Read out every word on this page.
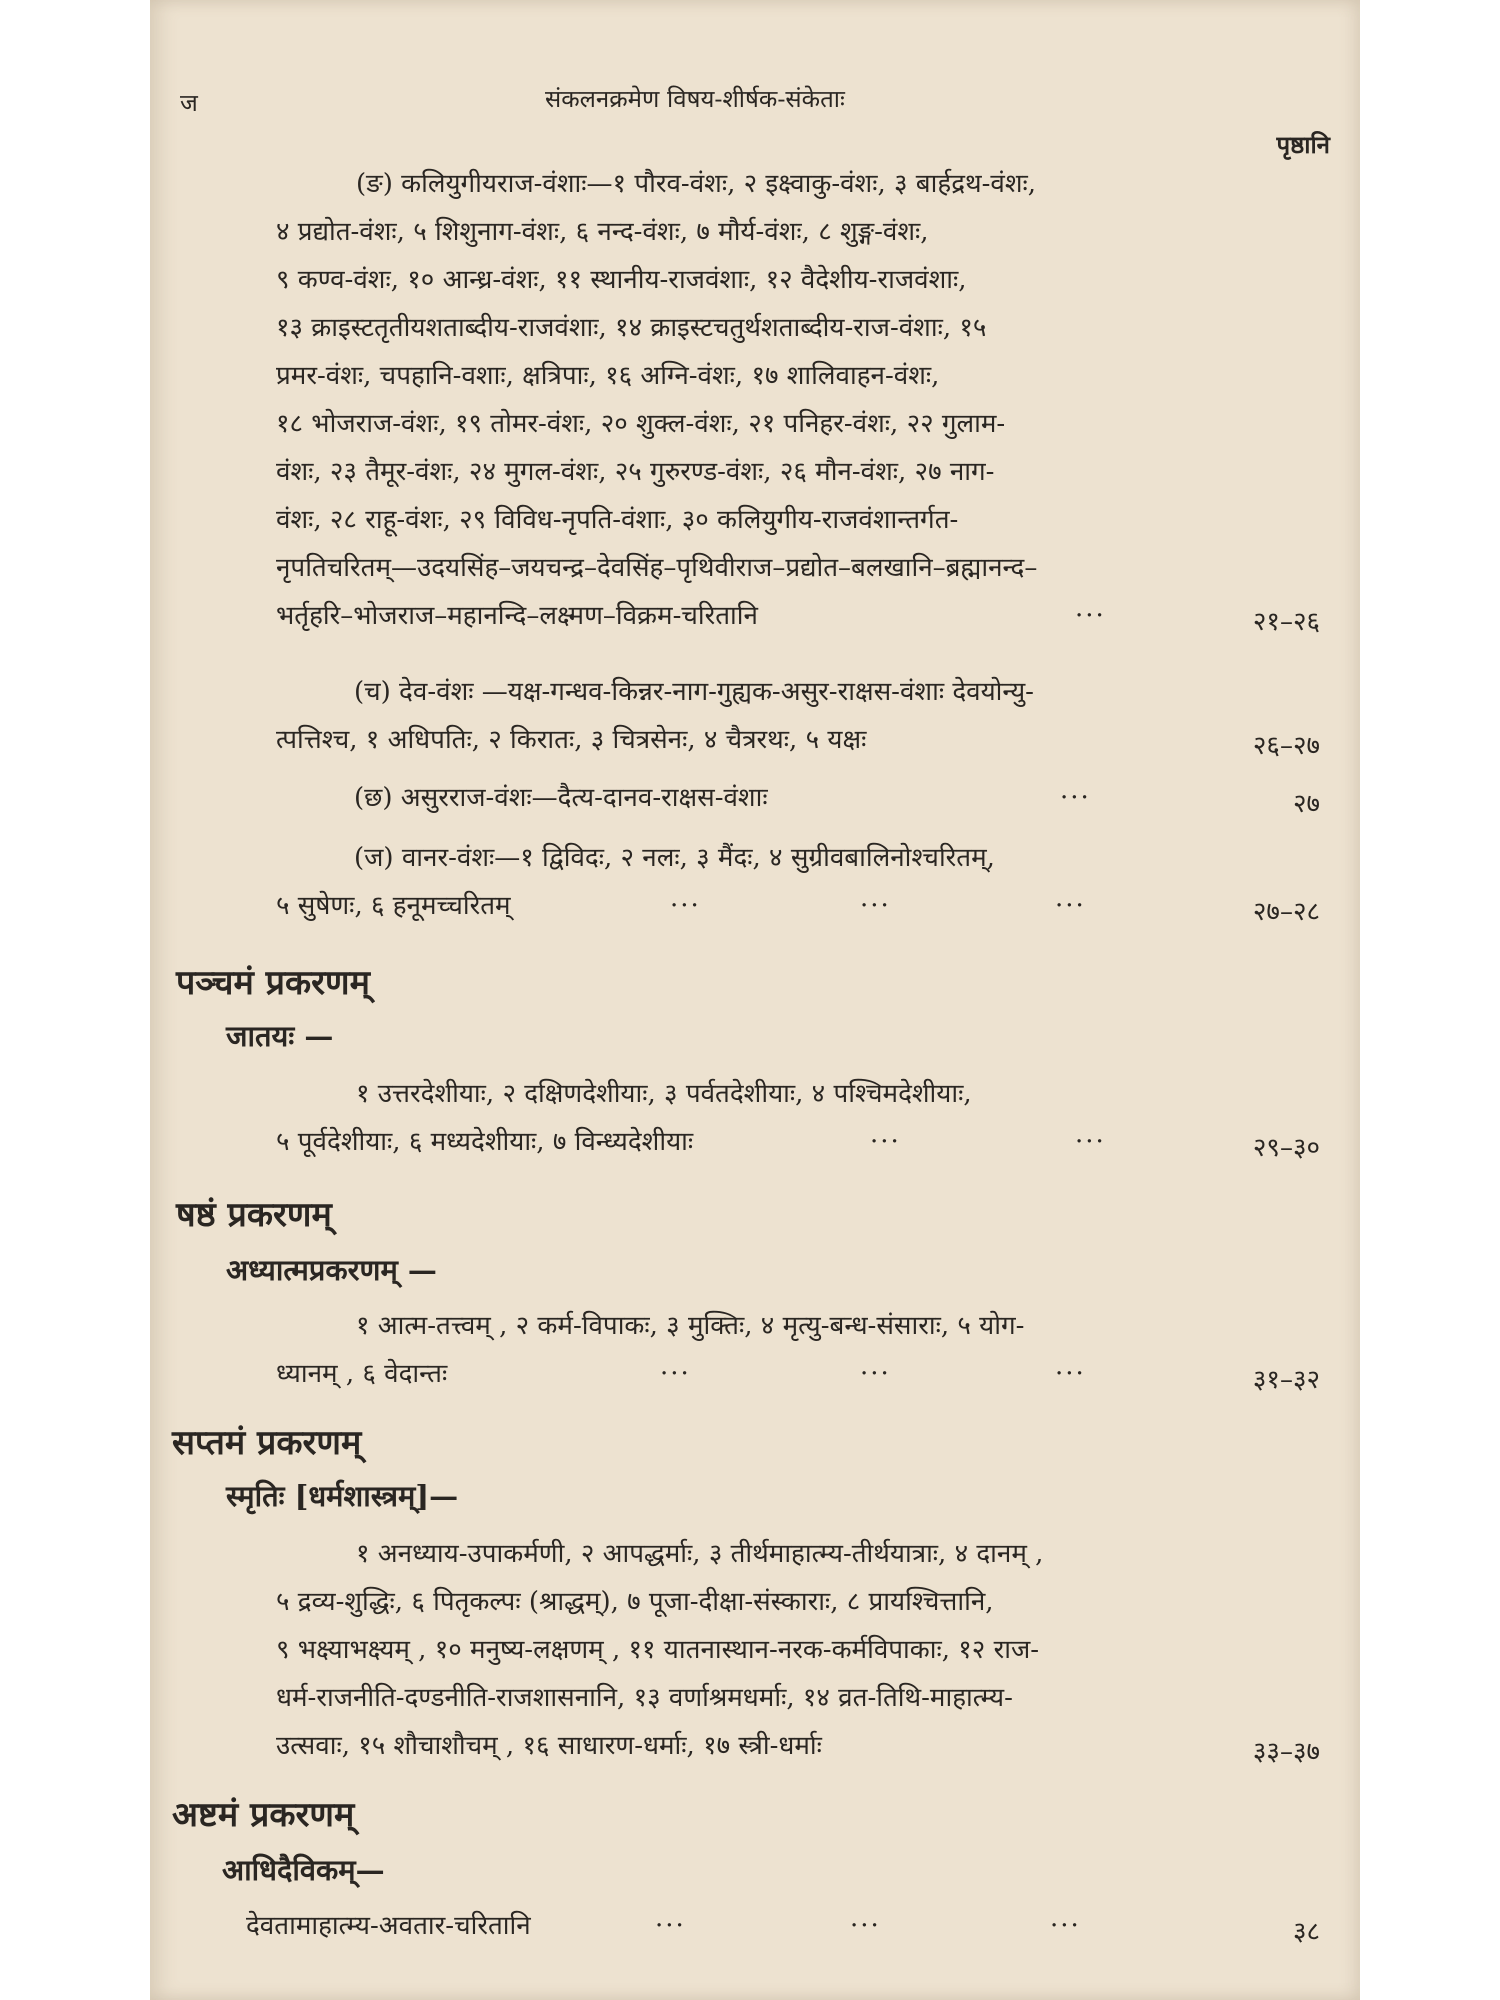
ज	संकलनक्रमेण विषय-शीर्षक-संकेताः
पृष्ठानि
(ङ) कलियुगीयराज-वंशाः—१ पौरव-वंशः, २ इक्ष्वाकु-वंशः, ३ बार्हद्रथ-वंशः,
४ प्रद्योत-वंशः, ५ शिशुनाग-वंशः, ६ नन्द-वंशः, ७ मौर्य-वंशः, ८ शुङ्ग-वंशः,
९ कण्व-वंशः, १० आन्ध्र-वंशः, ११ स्थानीय-राजवंशाः, १२ वैदेशीय-राजवंशाः,
१३ क्राइस्टतृतीयशताब्दीय-राजवंशाः, १४ क्राइस्टचतुर्थशताब्दीय-राज-वंशाः, १५
प्रमर-वंशः, चपहानि-वशाः, क्षत्रिपाः, १६ अग्नि-वंशः, १७ शालिवाहन-वंशः,
१८ भोजराज-वंशः, १९ तोमर-वंशः, २० शुक्ल-वंशः, २१ पनिहर-वंशः, २२ गुलाम-
वंशः, २३ तैमूर-वंशः, २४ मुगल-वंशः, २५ गुरुरण्ड-वंशः, २६ मौन-वंशः, २७ नाग-
वंशः, २८ राहू-वंशः, २९ विविध-नृपति-वंशाः, ३० कलियुगीय-राजवंशान्तर्गत-
नृपतिचरितम्—उदयसिंह–जयचन्द्र–देवसिंह–पृथिवीराज–प्रद्योत–बलखानि–ब्रह्मानन्द–
भर्तृहरि–भोजराज–महानन्दि–लक्ष्मण–विक्रम-चरितानि	···	२१–२६
(च) देव-वंशः —यक्ष-गन्धव-किन्नर-नाग-गुह्यक-असुर-राक्षस-वंशाः देवयोन्यु-
त्पत्तिश्च, १ अधिपतिः, २ किरातः, ३ चित्रसेनः, ४ चैत्ररथः, ५ यक्षः	२६–२७
(छ) असुरराज-वंशः—दैत्य-दानव-राक्षस-वंशाः	···	२७
(ज) वानर-वंशः—१ द्विविदः, २ नलः, ३ मैंदः, ४ सुग्रीवबालिनोश्चरितम्,
५ सुषेणः, ६ हनूमच्चरितम्	···	···	···	२७–२८
पञ्चमं प्रकरणम्
जातयः —
१ उत्तरदेशीयाः, २ दक्षिणदेशीयाः, ३ पर्वतदेशीयाः, ४ पश्चिमदेशीयाः,
५ पूर्वदेशीयाः, ६ मध्यदेशीयाः, ७ विन्ध्यदेशीयाः	···	···	२९–३०
षष्ठं प्रकरणम्
अध्यात्मप्रकरणम् —
१ आत्म-तत्त्वम् , २ कर्म-विपाकः, ३ मुक्तिः, ४ मृत्यु-बन्ध-संसाराः, ५ योग-
ध्यानम् , ६ वेदान्तः	···	···	···	३१–३२
सप्तमं प्रकरणम्
स्मृतिः [धर्मशास्त्रम्]—
१ अनध्याय-उपाकर्मणी, २ आपद्धर्माः, ३ तीर्थमाहात्म्य-तीर्थयात्राः, ४ दानम् ,
५ द्रव्य-शुद्धिः, ६ पितृकल्पः (श्राद्धम्), ७ पूजा-दीक्षा-संस्काराः, ८ प्रायश्चित्तानि,
९ भक्ष्याभक्ष्यम् , १० मनुष्य-लक्षणम् , ११ यातनास्थान-नरक-कर्मविपाकाः, १२ राज-
धर्म-राजनीति-दण्डनीति-राजशासनानि, १३ वर्णाश्रमधर्माः, १४ व्रत-तिथि-माहात्म्य-
उत्सवाः, १५ शौचाशौचम् , १६ साधारण-धर्माः, १७ स्त्री-धर्माः	३३–३७
अष्टमं प्रकरणम्
आधिदैविकम्—
देवतामाहात्म्य-अवतार-चरितानि	···	···	···	३८
